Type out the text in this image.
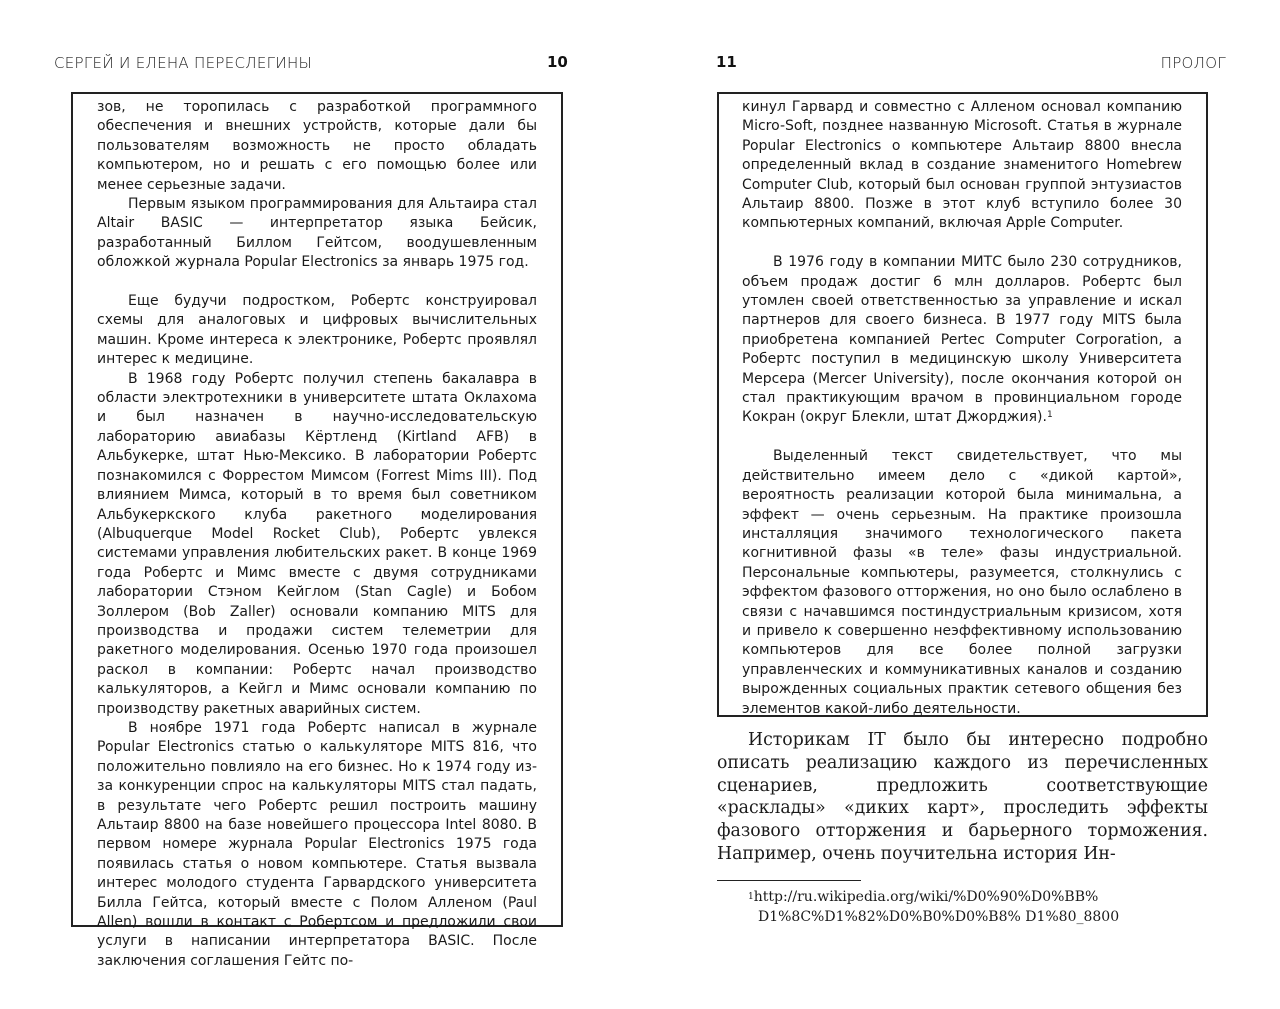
СЕРГЕЙ И ЕЛЕНА ПЕРЕСЛЕГИНЫ	10

зов, не торопилась с разработкой программного обеспечения и внешних устройств, которые дали бы пользователям возможность не просто обладать компьютером, но и решать с его помощью более или менее серьезные задачи.

Первым языком программирования для Альтаира стал Altair BASIC — интерпретатор языка Бейсик, разработанный Биллом Гейтсом, воодушевленным обложкой журнала Popular Electronics за январь 1975 год.

Еще будучи подростком, Робертс конструировал схемы для аналоговых и цифровых вычислительных машин. Кроме интереса к электронике, Робертс проявлял интерес к медицине.

В 1968 году Робертс получил степень бакалавра в области электротехники в университете штата Оклахома и был назначен в научно-исследовательскую лабораторию авиабазы Кёртленд (Kirtland AFB) в Альбукерке, штат Нью-Мексико. В лаборатории Робертс познакомился с Форрестом Мимсом (Forrest Mims III). Под влиянием Мимса, который в то время был советником Альбукеркского клуба ракетного моделирования (Albuquerque Model Rocket Club), Робертс увлекся системами управления любительских ракет. В конце 1969 года Робертс и Мимс вместе с двумя сотрудниками лаборатории Стэном Кейглом (Stan Cagle) и Бобом Золлером (Bob Zaller) основали компанию MITS для производства и продажи систем телеметрии для ракетного моделирования. Осенью 1970 года произошел раскол в компании: Робертс начал производство калькуляторов, а Кейгл и Мимс основали компанию по производству ракетных аварийных систем.

В ноябре 1971 года Робертс написал в журнале Popular Electronics статью о калькуляторе MITS 816, что положительно повлияло на его бизнес. Но к 1974 году из-за конкуренции спрос на калькуляторы MITS стал падать, в результате чего Робертс решил построить машину Альтаир 8800 на базе новейшего процессора Intel 8080. В первом номере журнала Popular Electronics 1975 года появилась статья о новом компьютере. Статья вызвала интерес молодого студента Гарвардского университета Билла Гейтса, который вместе с Полом Алленом (Paul Allen) вошли в контакт с Робертсом и предложили свои услуги в написании интерпретатора BASIC. После заключения соглашения Гейтс по-

11	ПРОЛОГ

кинул Гарвард и совместно с Алленом основал компанию Micro-Soft, позднее названную Microsoft. Статья в журнале Popular Electronics о компьютере Альтаир 8800 внесла определенный вклад в создание знаменитого Homebrew Computer Club, который был основан группой энтузиастов Альтаир 8800. Позже в этот клуб вступило более 30 компьютерных компаний, включая Apple Computer.

В 1976 году в компании МИТС было 230 сотрудников, объем продаж достиг 6 млн долларов. Робертс был утомлен своей ответственностью за управление и искал партнеров для своего бизнеса. В 1977 году MITS была приобретена компанией Pertec Computer Corporation, а Робертс поступил в медицинскую школу Университета Мерсера (Mercer University), после окончания которой он стал практикующим врачом в провинциальном городе Кокран (округ Блекли, штат Джорджия).$^1$

Выделенный текст свидетельствует, что мы действительно имеем дело с «дикой картой», вероятность реализации которой была минимальна, а эффект — очень серьезным. На практике произошла инсталляция значимого технологического пакета когнитивной фазы «в теле» фазы индустриальной. Персональные компьютеры, разумеется, столкнулись с эффектом фазового отторжения, но оно было ослаблено в связи с начавшимся постиндустриальным кризисом, хотя и привело к совершенно неэффективному использованию компьютеров для все более полной загрузки управленческих и коммуникативных каналов и созданию вырожденных социальных практик сетевого общения без элементов какой-либо деятельности.

Историкам IT было бы интересно подробно описать реализацию каждого из перечисленных сценариев, предложить соответствующие «расклады» «диких карт», проследить эффекты фазового отторжения и барьерного торможения. Например, очень поучительна история Ин-

$^1$http://ru.wikipedia.org/wiki/%D0%90%D0%BB%
D1%8C%D1%82%D0%B0%D0%B8% D1%80_8800
